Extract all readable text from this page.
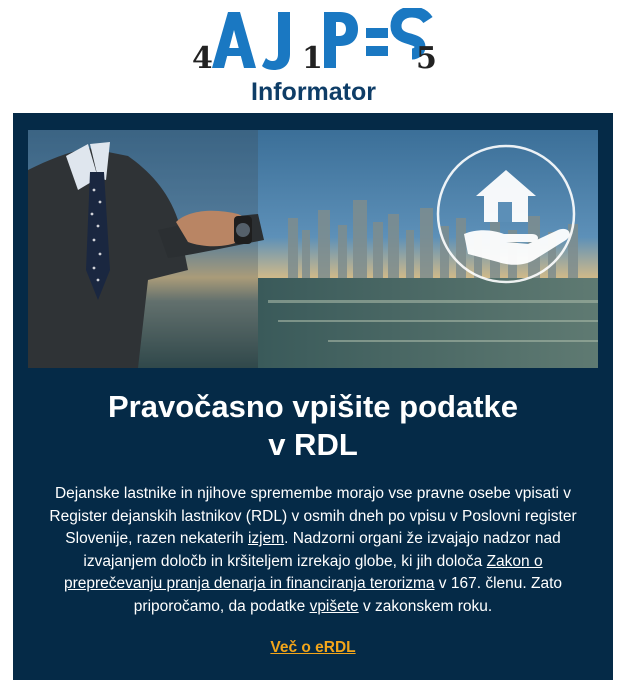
4	1	5
Informator
Pravočasno vpišite podatke
v RDL
Dejanske lastnike in njihove spremembe morajo vse pravne osebe vpisati v Register dejanskih lastnikov (RDL) v osmih dneh po vpisu v Poslovni register Slovenije, razen nekaterih izjem. Nadzorni organi že izvajajo nadzor nad izvajanjem določb in kršiteljem izrekajo globe, ki jih določa Zakon o preprečevanju pranja denarja in financiranja terorizma v 167. členu. Zato priporočamo, da podatke vpišete v zakonskem roku.
Več o eRDL
